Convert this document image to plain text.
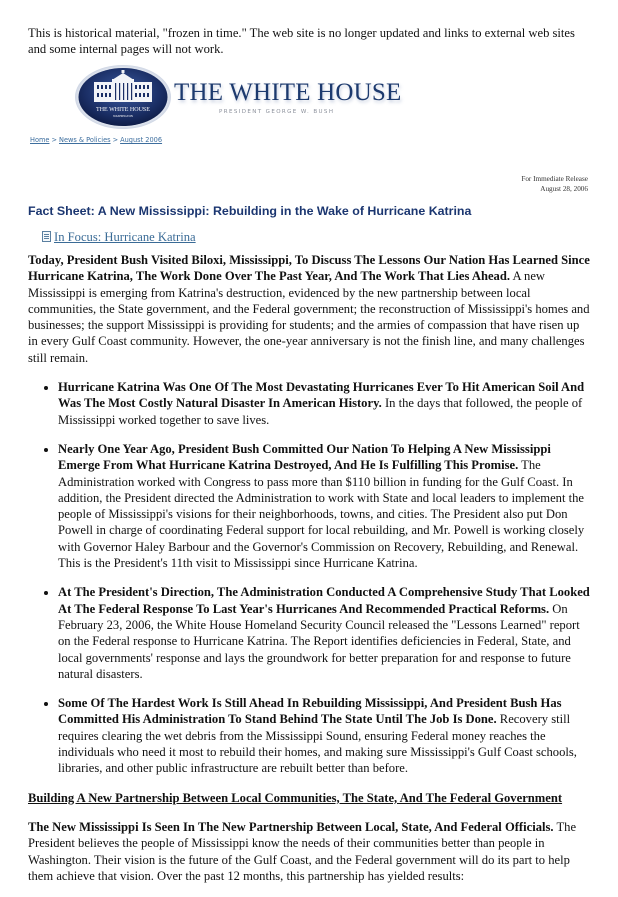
This is historical material, "frozen in time." The web site is no longer updated and links to external web sites and some internal pages will not work.
THE WHITE HOUSE
WASHINGTON
THE WHITE HOUSE
PRESIDENT GEORGE W. BUSH
Home > News & Policies > August 2006
For Immediate Release
August 28, 2006
Fact Sheet: A New Mississippi: Rebuilding in the Wake of Hurricane Katrina
In Focus: Hurricane Katrina

Today, President Bush Visited Biloxi, Mississippi, To Discuss The Lessons Our Nation Has Learned Since Hurricane Katrina, The Work Done Over The Past Year, And The Work That Lies Ahead. A new Mississippi is emerging from Katrina's destruction, evidenced by the new partnership between local communities, the State government, and the Federal government; the reconstruction of Mississippi's homes and businesses; the support Mississippi is providing for students; and the armies of compassion that have risen up in every Gulf Coast community. However, the one-year anniversary is not the finish line, and many challenges still remain.

• Hurricane Katrina Was One Of The Most Devastating Hurricanes Ever To Hit American Soil And Was The Most Costly Natural Disaster In American History. In the days that followed, the people of Mississippi worked together to save lives.
• Nearly One Year Ago, President Bush Committed Our Nation To Helping A New Mississippi Emerge From What Hurricane Katrina Destroyed, And He Is Fulfilling This Promise. The Administration worked with Congress to pass more than $110 billion in funding for the Gulf Coast. In addition, the President directed the Administration to work with State and local leaders to implement the people of Mississippi's visions for their neighborhoods, towns, and cities. The President also put Don Powell in charge of coordinating Federal support for local rebuilding, and Mr. Powell is working closely with Governor Haley Barbour and the Governor's Commission on Recovery, Rebuilding, and Renewal. This is the President's 11th visit to Mississippi since Hurricane Katrina.
• At The President's Direction, The Administration Conducted A Comprehensive Study That Looked At The Federal Response To Last Year's Hurricanes And Recommended Practical Reforms. On February 23, 2006, the White House Homeland Security Council released the "Lessons Learned" report on the Federal response to Hurricane Katrina. The Report identifies deficiencies in Federal, State, and local governments' response and lays the groundwork for better preparation for and response to future natural disasters.
• Some Of The Hardest Work Is Still Ahead In Rebuilding Mississippi, And President Bush Has Committed His Administration To Stand Behind The State Until The Job Is Done. Recovery still requires clearing the wet debris from the Mississippi Sound, ensuring Federal money reaches the individuals who need it most to rebuild their homes, and making sure Mississippi's Gulf Coast schools, libraries, and other public infrastructure are rebuilt better than before.
Building A New Partnership Between Local Communities, The State, And The Federal Government

The New Mississippi Is Seen In The New Partnership Between Local, State, And Federal Officials. The President believes the people of Mississippi know the needs of their communities better than people in Washington. Their vision is the future of the Gulf Coast, and the Federal government will do its part to help them achieve that vision. Over the past 12 months, this partnership has yielded results:
